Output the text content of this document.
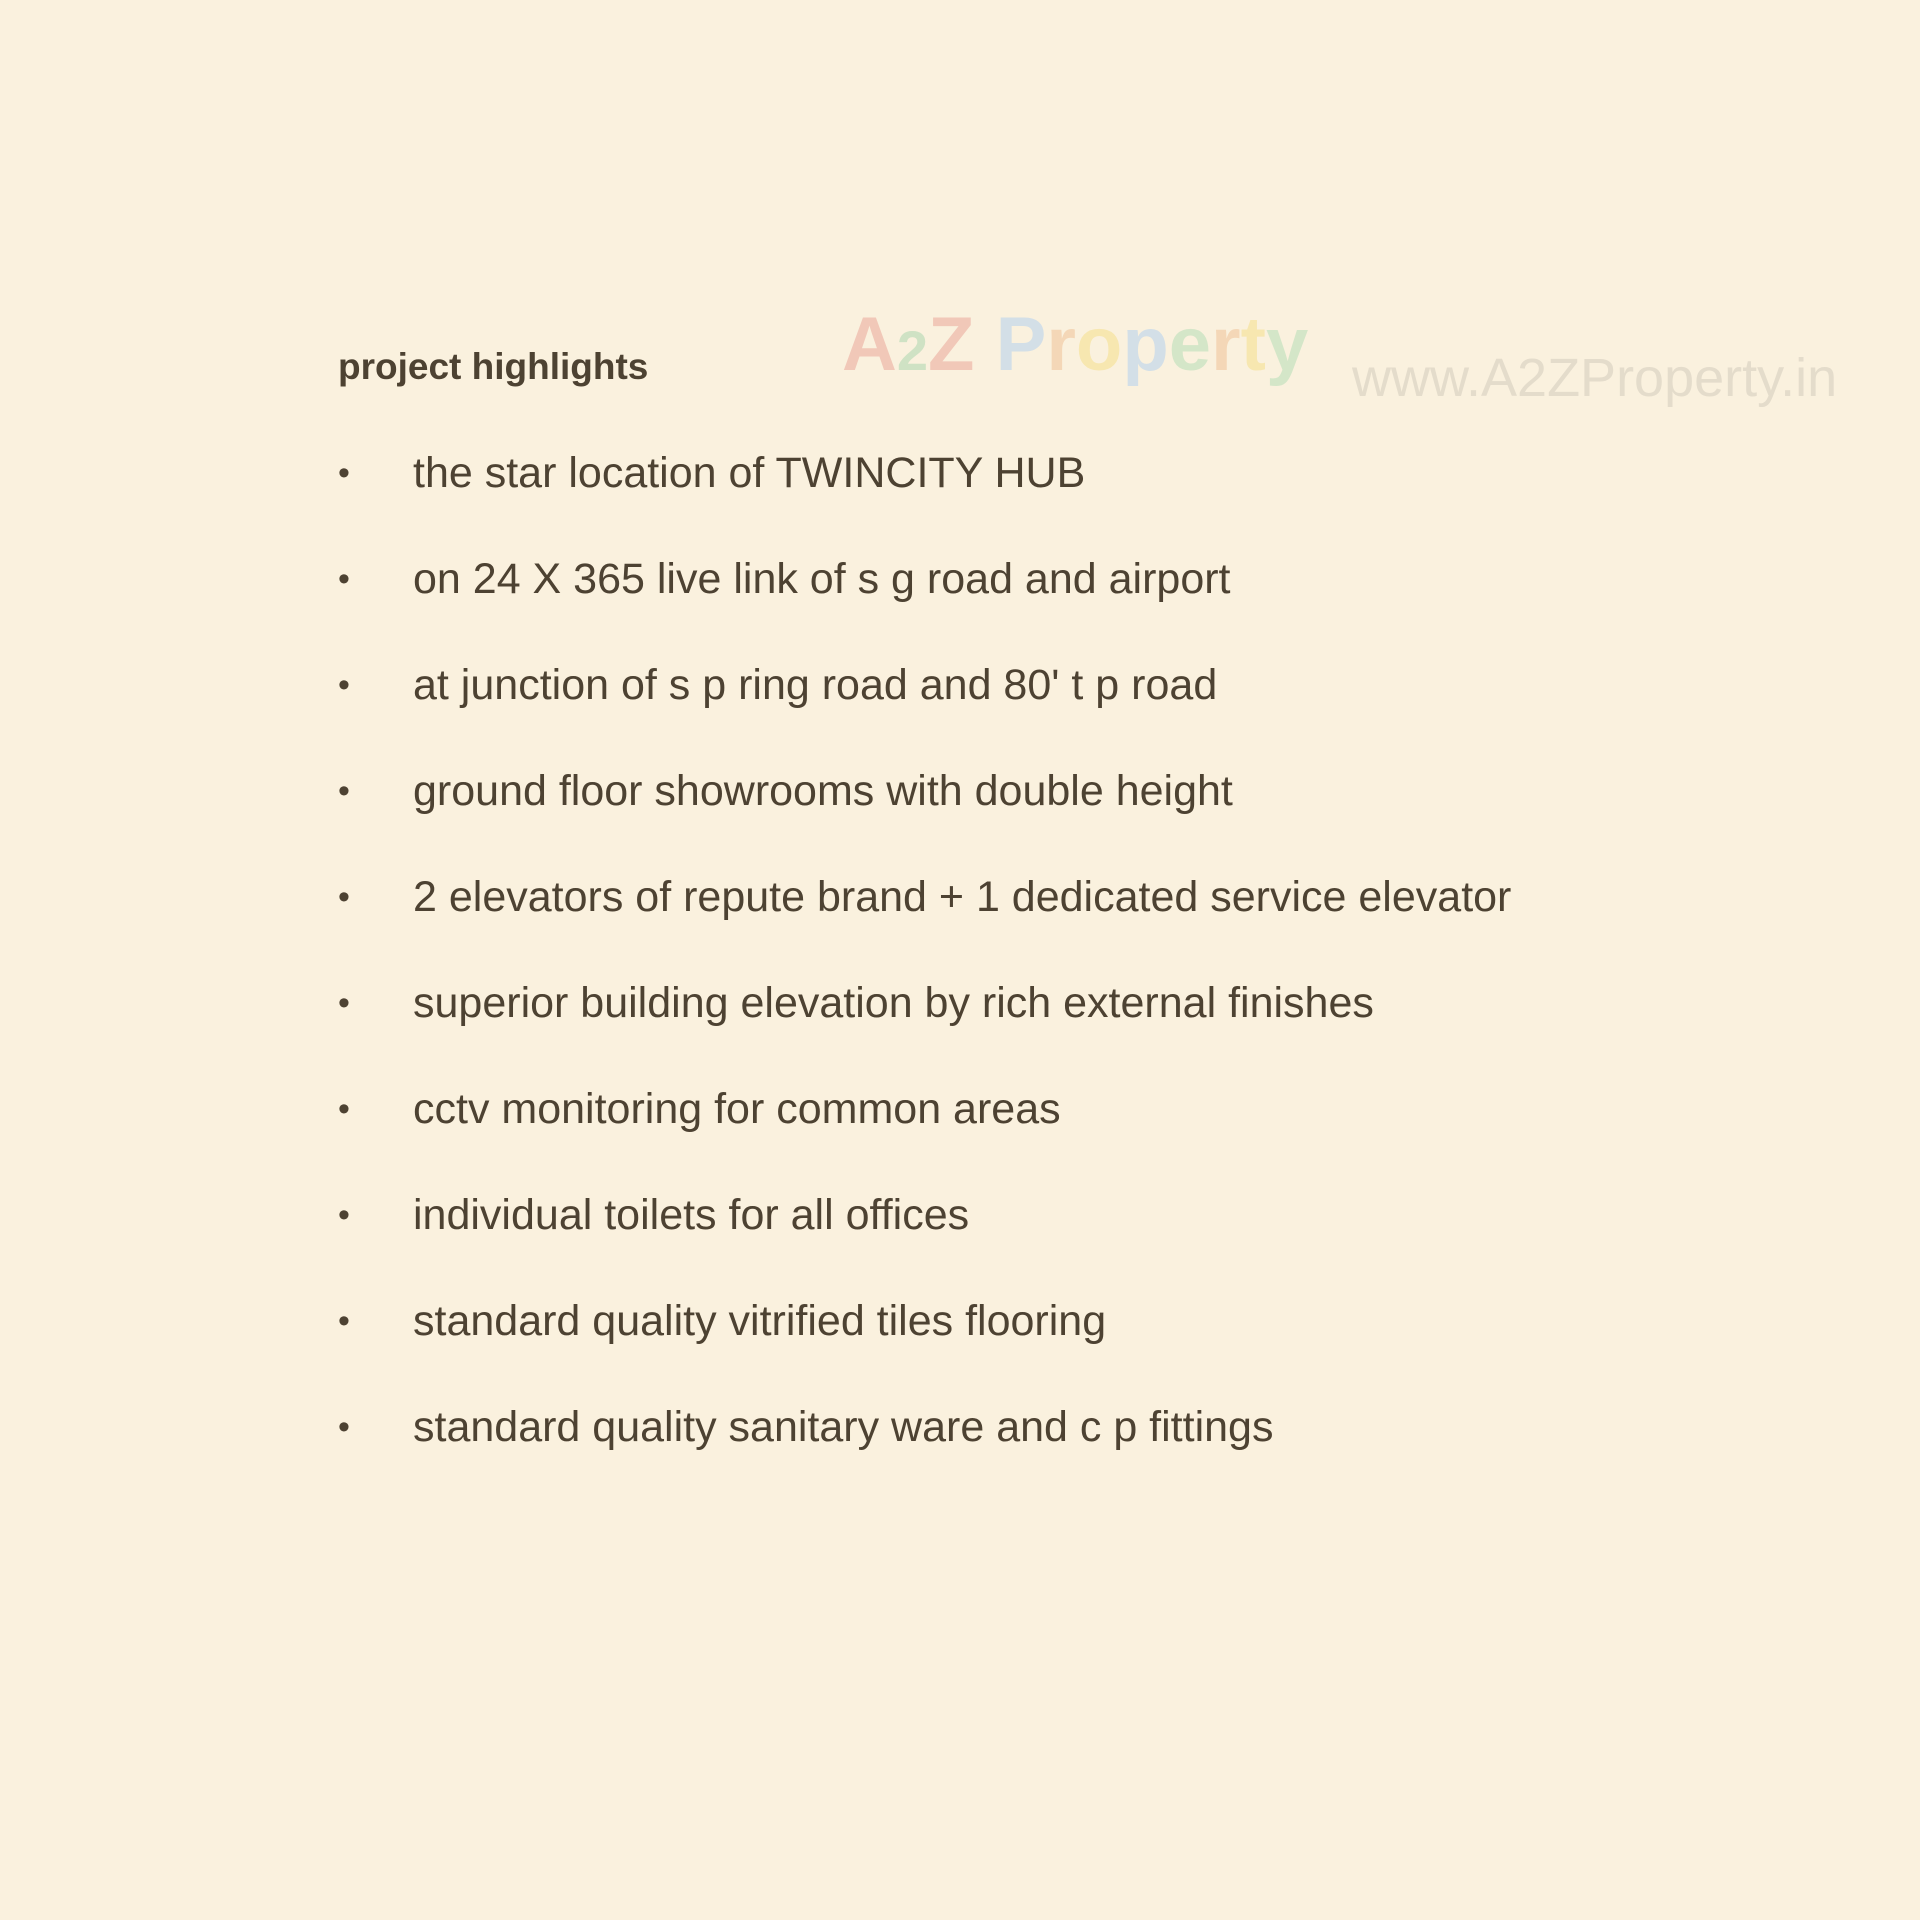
A2Z Property www.A2ZProperty.in
project highlights
•	the star location of TWINCITY HUB
•	on 24 X 365 live link of s g road and airport
•	at junction of s p ring road and 80' t p road
•	ground floor showrooms with double height
•	2 elevators of repute brand + 1 dedicated service elevator
•	superior building elevation by rich external finishes
•	cctv monitoring for common areas
•	individual toilets for all offices
•	standard quality vitrified tiles flooring
•	standard quality sanitary ware and c p fittings
